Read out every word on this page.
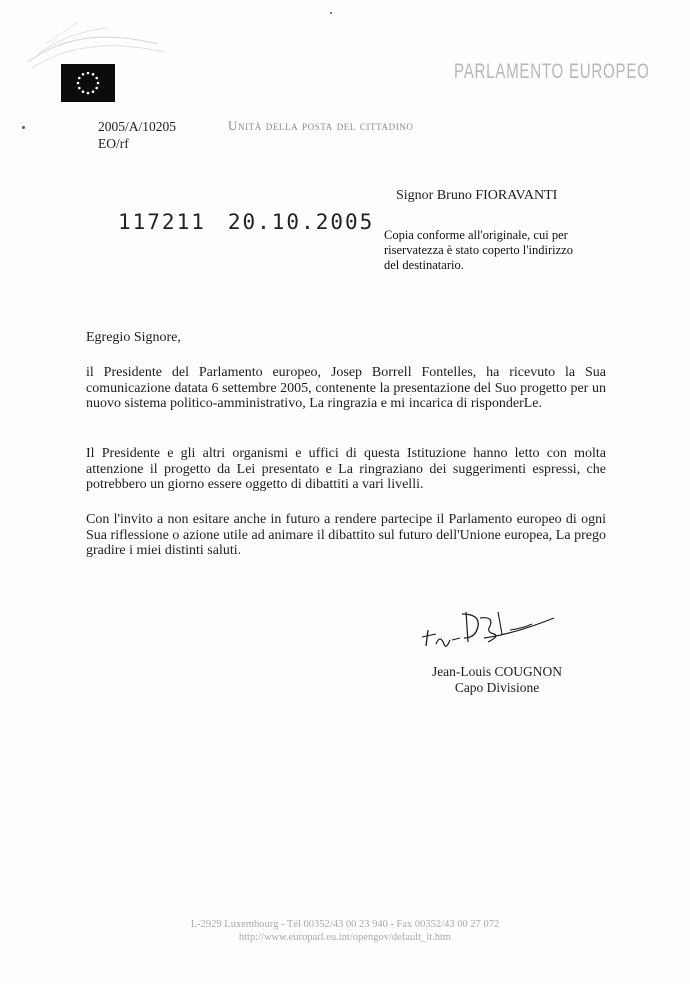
PARLAMENTO EUROPEO
2005/A/10205
EO/rf
Unità della posta del cittadino
Signor Bruno FIORAVANTI
117211 20.10.2005
Copia conforme all'originale, cui per riservatezza è stato coperto l'indirizzo del destinatario.
Egregio Signore,
il Presidente del Parlamento europeo, Josep Borrell Fontelles, ha ricevuto la Sua comunicazione datata 6 settembre 2005, contenente la presentazione del Suo progetto per un nuovo sistema politico-amministrativo, La ringrazia e mi incarica di risponderLe.
Il Presidente e gli altri organismi e uffici di questa Istituzione hanno letto con molta attenzione il progetto da Lei presentato e La ringraziano dei suggerimenti espressi, che potrebbero un giorno essere oggetto di dibattiti a vari livelli.
Con l'invito a non esitare anche in futuro a rendere partecipe il Parlamento europeo di ogni Sua riflessione o azione utile ad animare il dibattito sul futuro dell'Unione europea, La prego gradire i miei distinti saluti.
Jean-Louis COUGNON
Capo Divisione
L-2929 Luxembourg - Tél 00352/43 00 23 940 - Fax 00352/43 00 27 072
http://www.europarl.eu.int/opengov/default_it.htm
